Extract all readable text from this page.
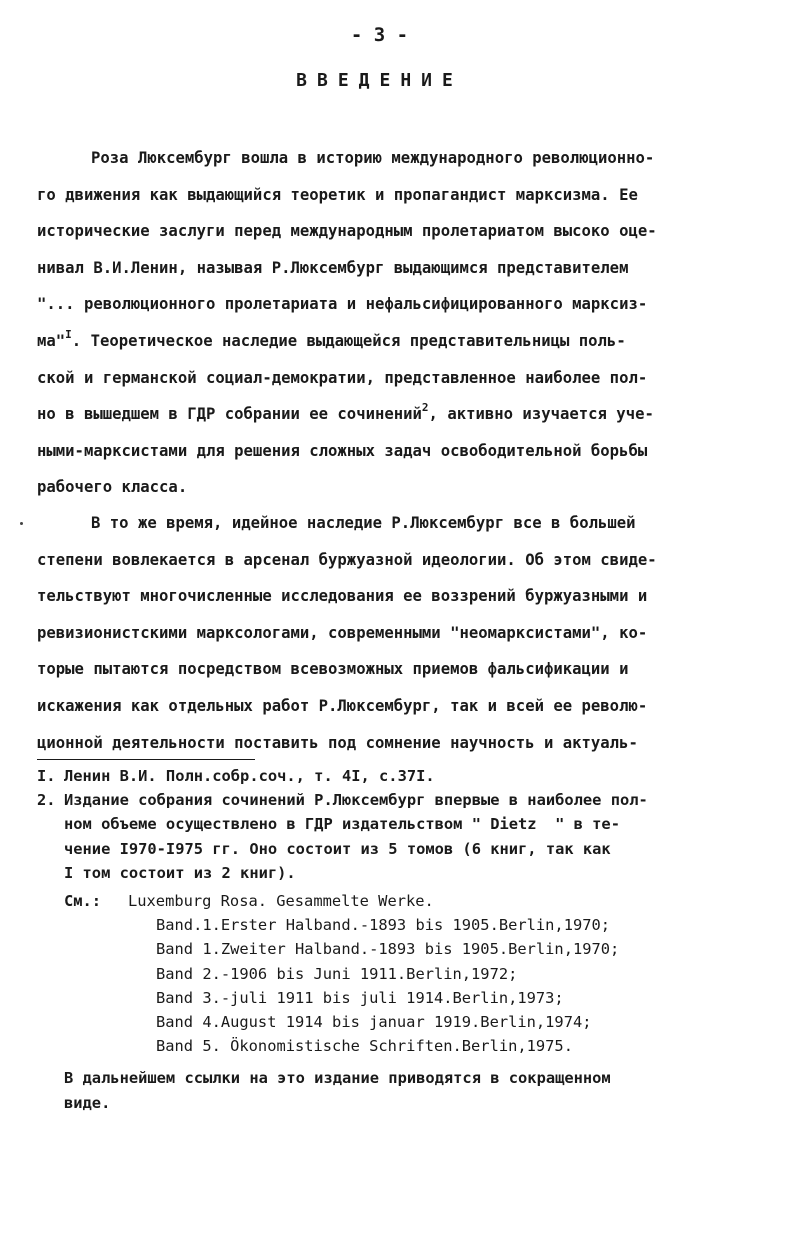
- 3 -
ВВЕДЕНИЕ

Роза Люксембург вошла в историю международного революционно-
го движения как выдающийся теоретик и пропагандист марксизма. Ее
исторические заслуги перед международным пролетариатом высоко оце-
нивал В.И.Ленин, называя Р.Люксембург выдающимся представителем
"... революционного пролетариата и нефальсифицированного марксиз-
ма"$^I$. Теоретическое наследие выдающейся представительницы поль-
ской и германской социал-демократии, представленное наиболее пол-
но в вышедшем в ГДР собрании ее сочинений$^2$, активно изучается уче-
ными-марксистами для решения сложных задач освободительной борьбы
рабочего класса.

В то же время, идейное наследие Р.Люксембург все в большей
степени вовлекается в арсенал буржуазной идеологии. Об этом свиде-
тельствуют многочисленные исследования ее воззрений буржуазными и
ревизионистскими маркcологами, современными "неомарксистами", ко-
торые пытаются посредством всевозможных приемов фальсификации и
искажения как отдельных работ Р.Люксембург, так и всей ее револю-
ционной деятельности поставить под сомнение научность и актуаль-

I. Ленин В.И. Полн.собр.соч., т. 4I, с.37I.
2. Издание собрания сочинений Р.Люксембург впервые в наиболее пол-
ном объеме осуществлено в ГДР издательством " Dietz  " в те-
чение I970-I975 гг. Оно состоит из 5 томов (6 книг, так как
I том состоит из 2 книг).
См.: Luxemburg Rosa. Gesammelte Werke.
Band.1.Erster Halband.-1893 bis 1905.Berlin,1970;
Band 1.Zweiter Halband.-1893 bis 1905.Berlin,1970;
Band 2.-1906 bis Juni 1911.Berlin,1972;
Band 3.-juli 1911 bis juli 1914.Berlin,1973;
Band 4.August 1914 bis januar 1919.Berlin,1974;
Band 5. Ökonomistische Schriften.Berlin,1975.
В дальнейшем ссылки на это издание приводятся в сокращенном
виде.
